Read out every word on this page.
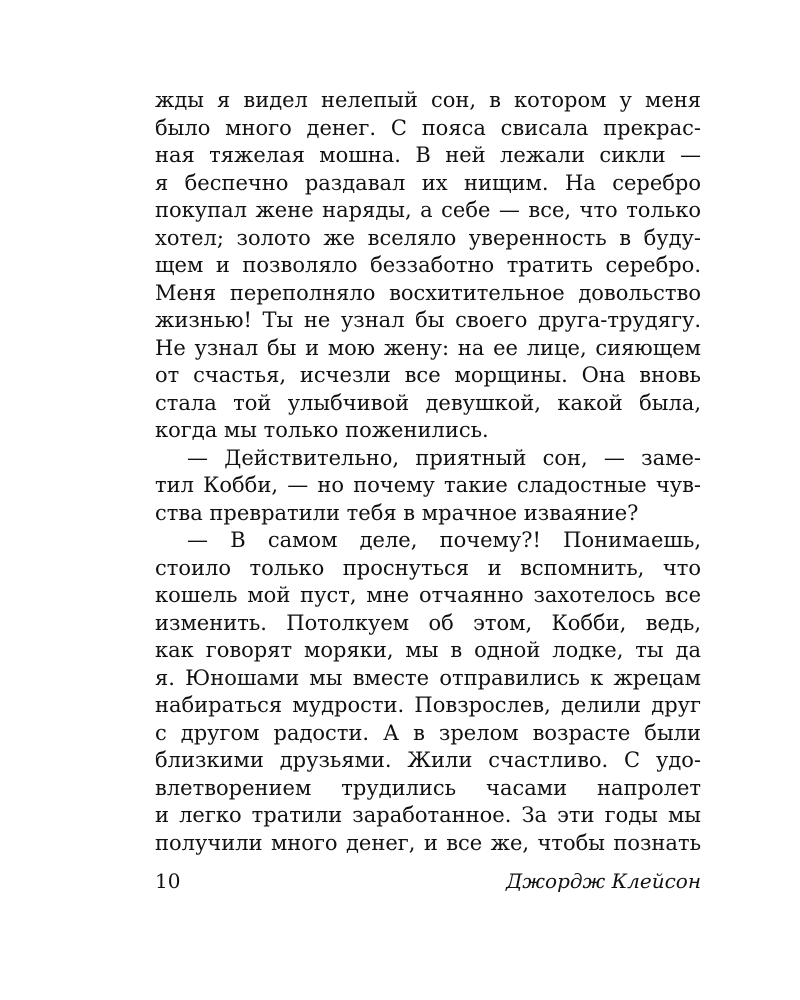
жды я видел нелепый сон, в котором у меня
было много денег. С пояса свисала прекрас-
ная тяжелая мошна. В ней лежали сикли —
я беспечно раздавал их нищим. На серебро
покупал жене наряды, а себе — все, что только
хотел; золото же вселяло уверенность в буду-
щем и позволяло беззаботно тратить серебро.
Меня переполняло восхитительное довольство
жизнью! Ты не узнал бы своего друга-трудягу.
Не узнал бы и мою жену: на ее лице, сияющем
от счастья, исчезли все морщины. Она вновь
стала той улыбчивой девушкой, какой была,
когда мы только поженились.
— Действительно, приятный сон, — заме-
тил Кобби, — но почему такие сладостные чув-
ства превратили тебя в мрачное изваяние?
— В самом деле, почему?! Понимаешь,
стоило только проснуться и вспомнить, что
кошель мой пуст, мне отчаянно захотелось все
изменить. Потолкуем об этом, Кобби, ведь,
как говорят моряки, мы в одной лодке, ты да
я. Юношами мы вместе отправились к жрецам
набираться мудрости. Повзрослев, делили друг
с другом радости. А в зрелом возрасте были
близкими друзьями. Жили счастливо. С удо-
влетворением трудились часами напролет
и легко тратили заработанное. За эти годы мы
получили много денег, и все же, чтобы познать
10	Джордж Клейсон
